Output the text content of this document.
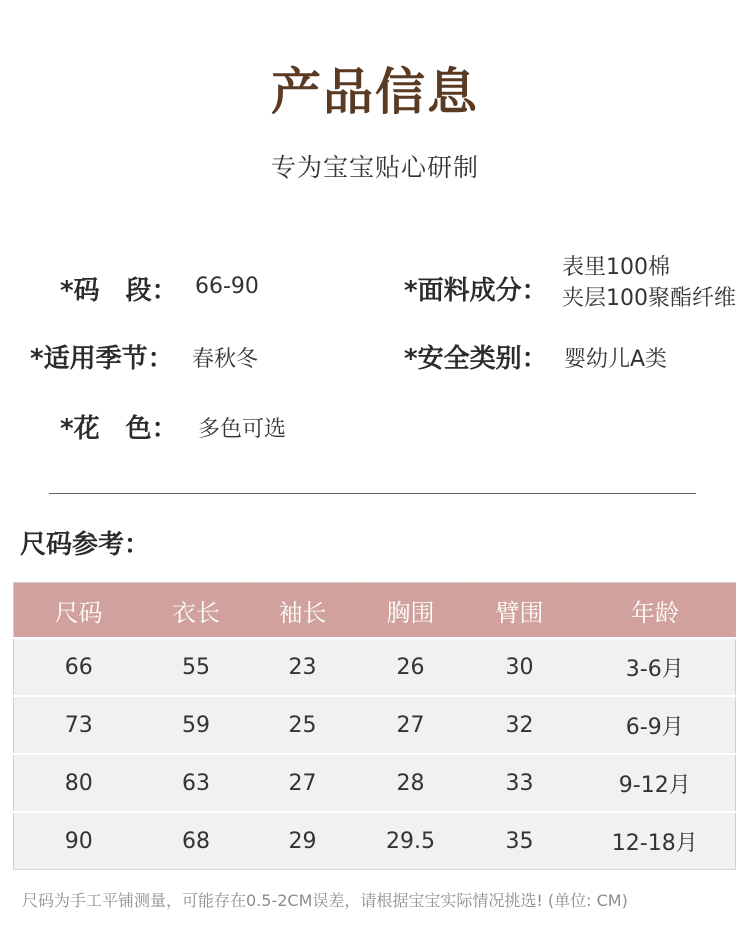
产品信息
专为宝宝贴心研制
*码　段： 66-90	*面料成分：
表里100棉
夹层100聚酯纤维
*适用季节： 春秋冬	*安全类别： 婴幼儿A类
*花　色： 多色可选
尺码参考：
尺码	衣长	袖长	胸围	臂围	年龄
66	55	23	26	30	3-6月
73	59	25	27	32	6-9月
80	63	27	28	33	9-12月
90	68	29	29.5	35	12-18月
尺码为手工平铺测量，可能存在0.5-2CM误差，请根据宝宝实际情况挑选! (单位: CM)
